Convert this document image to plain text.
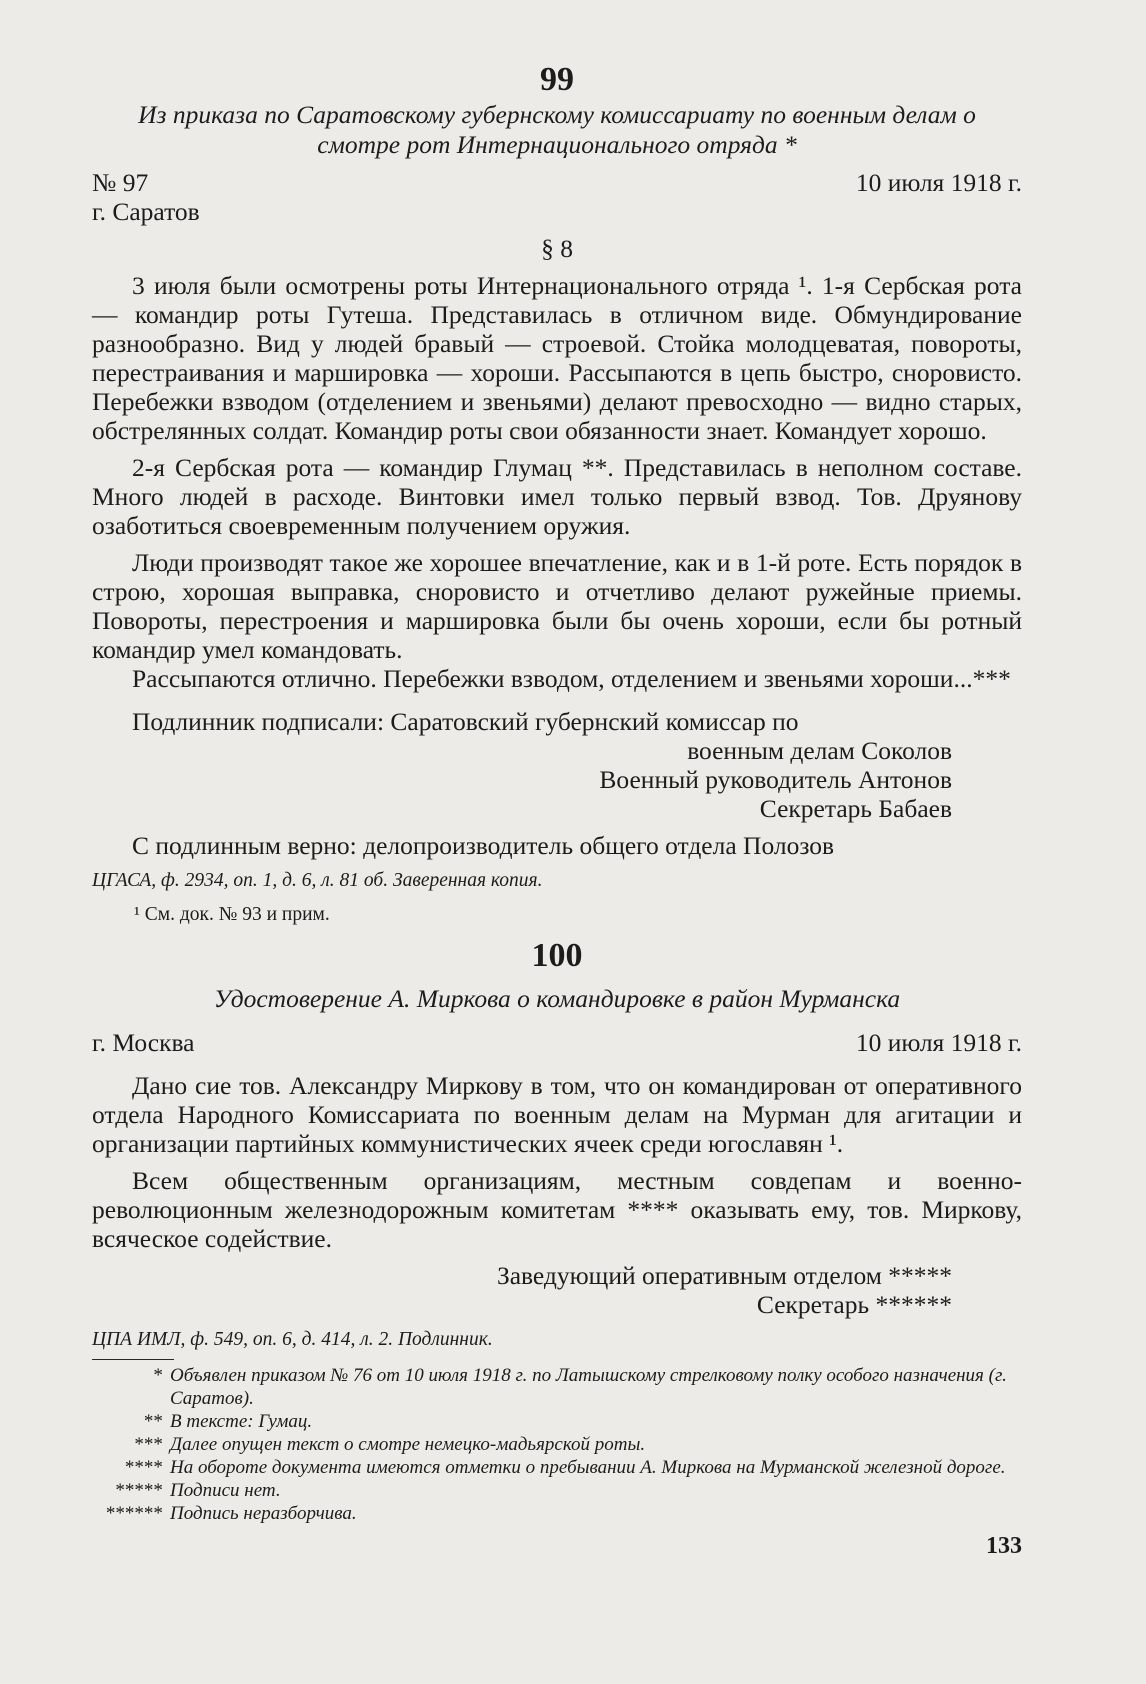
99

Из приказа по Саратовскому губернскому комиссариату по военным делам о смотре рот Интернационального отряда *

№ 97	10 июля 1918 г.

г. Саратов

§ 8

3 июля были осмотрены роты Интернационального отряда ¹. 1-я Сербская рота — командир роты Гутеша. Представилась в отличном виде. Обмундирование разнообразно. Вид у людей бравый — строевой. Стойка молодцеватая, повороты, перестраивания и маршировка — хороши. Рассыпаются в цепь быстро, сноровисто. Перебежки взводом (отделением и звеньями) делают превосходно — видно старых, обстрелянных солдат. Командир роты свои обязанности знает. Командует хорошо.

2-я Сербская рота — командир Глумац **. Представилась в неполном составе. Много людей в расходе. Винтовки имел только первый взвод. Тов. Друянову озаботиться своевременным получением оружия.

Люди производят такое же хорошее впечатление, как и в 1-й роте. Есть порядок в строю, хорошая выправка, сноровисто и отчетливо делают ружейные приемы. Повороты, перестроения и маршировка были бы очень хороши, если бы ротный командир умел командовать.

Рассыпаются отлично. Перебежки взводом, отделением и звеньями хороши...***

Подлинник подписали: Саратовский губернский комиссар по

военным делам Соколов

Военный руководитель Антонов

Секретарь Бабаев

С подлинным верно: делопроизводитель общего отдела Полозов

ЦГАСА, ф. 2934, оп. 1, д. 6, л. 81 об. Заверенная копия.

¹ См. док. № 93 и прим.

100

Удостоверение А. Миркова о командировке в район Мурманска

г. Москва	10 июля 1918 г.

Дано сие тов. Александру Миркову в том, что он командирован от оперативного отдела Народного Комиссариата по военным делам на Мурман для агитации и организации партийных коммунистических ячеек среди югославян ¹.

Всем общественным организациям, местным совдепам и военно-революционным железнодорожным комитетам **** оказывать ему, тов. Миркову, всяческое содействие.

Заведующий оперативным отделом *****

Секретарь ******

ЦПА ИМЛ, ф. 549, оп. 6, д. 414, л. 2. Подлинник.

* Объявлен приказом № 76 от 10 июля 1918 г. по Латышскому стрелковому полку особого назначения (г. Саратов).
** В тексте: Гумац.
*** Далее опущен текст о смотре немецко-мадьярской роты.
**** На обороте документа имеются отметки о пребывании А. Миркова на Мурманской железной дороге.
***** Подписи нет.
****** Подпись неразборчива.
133
